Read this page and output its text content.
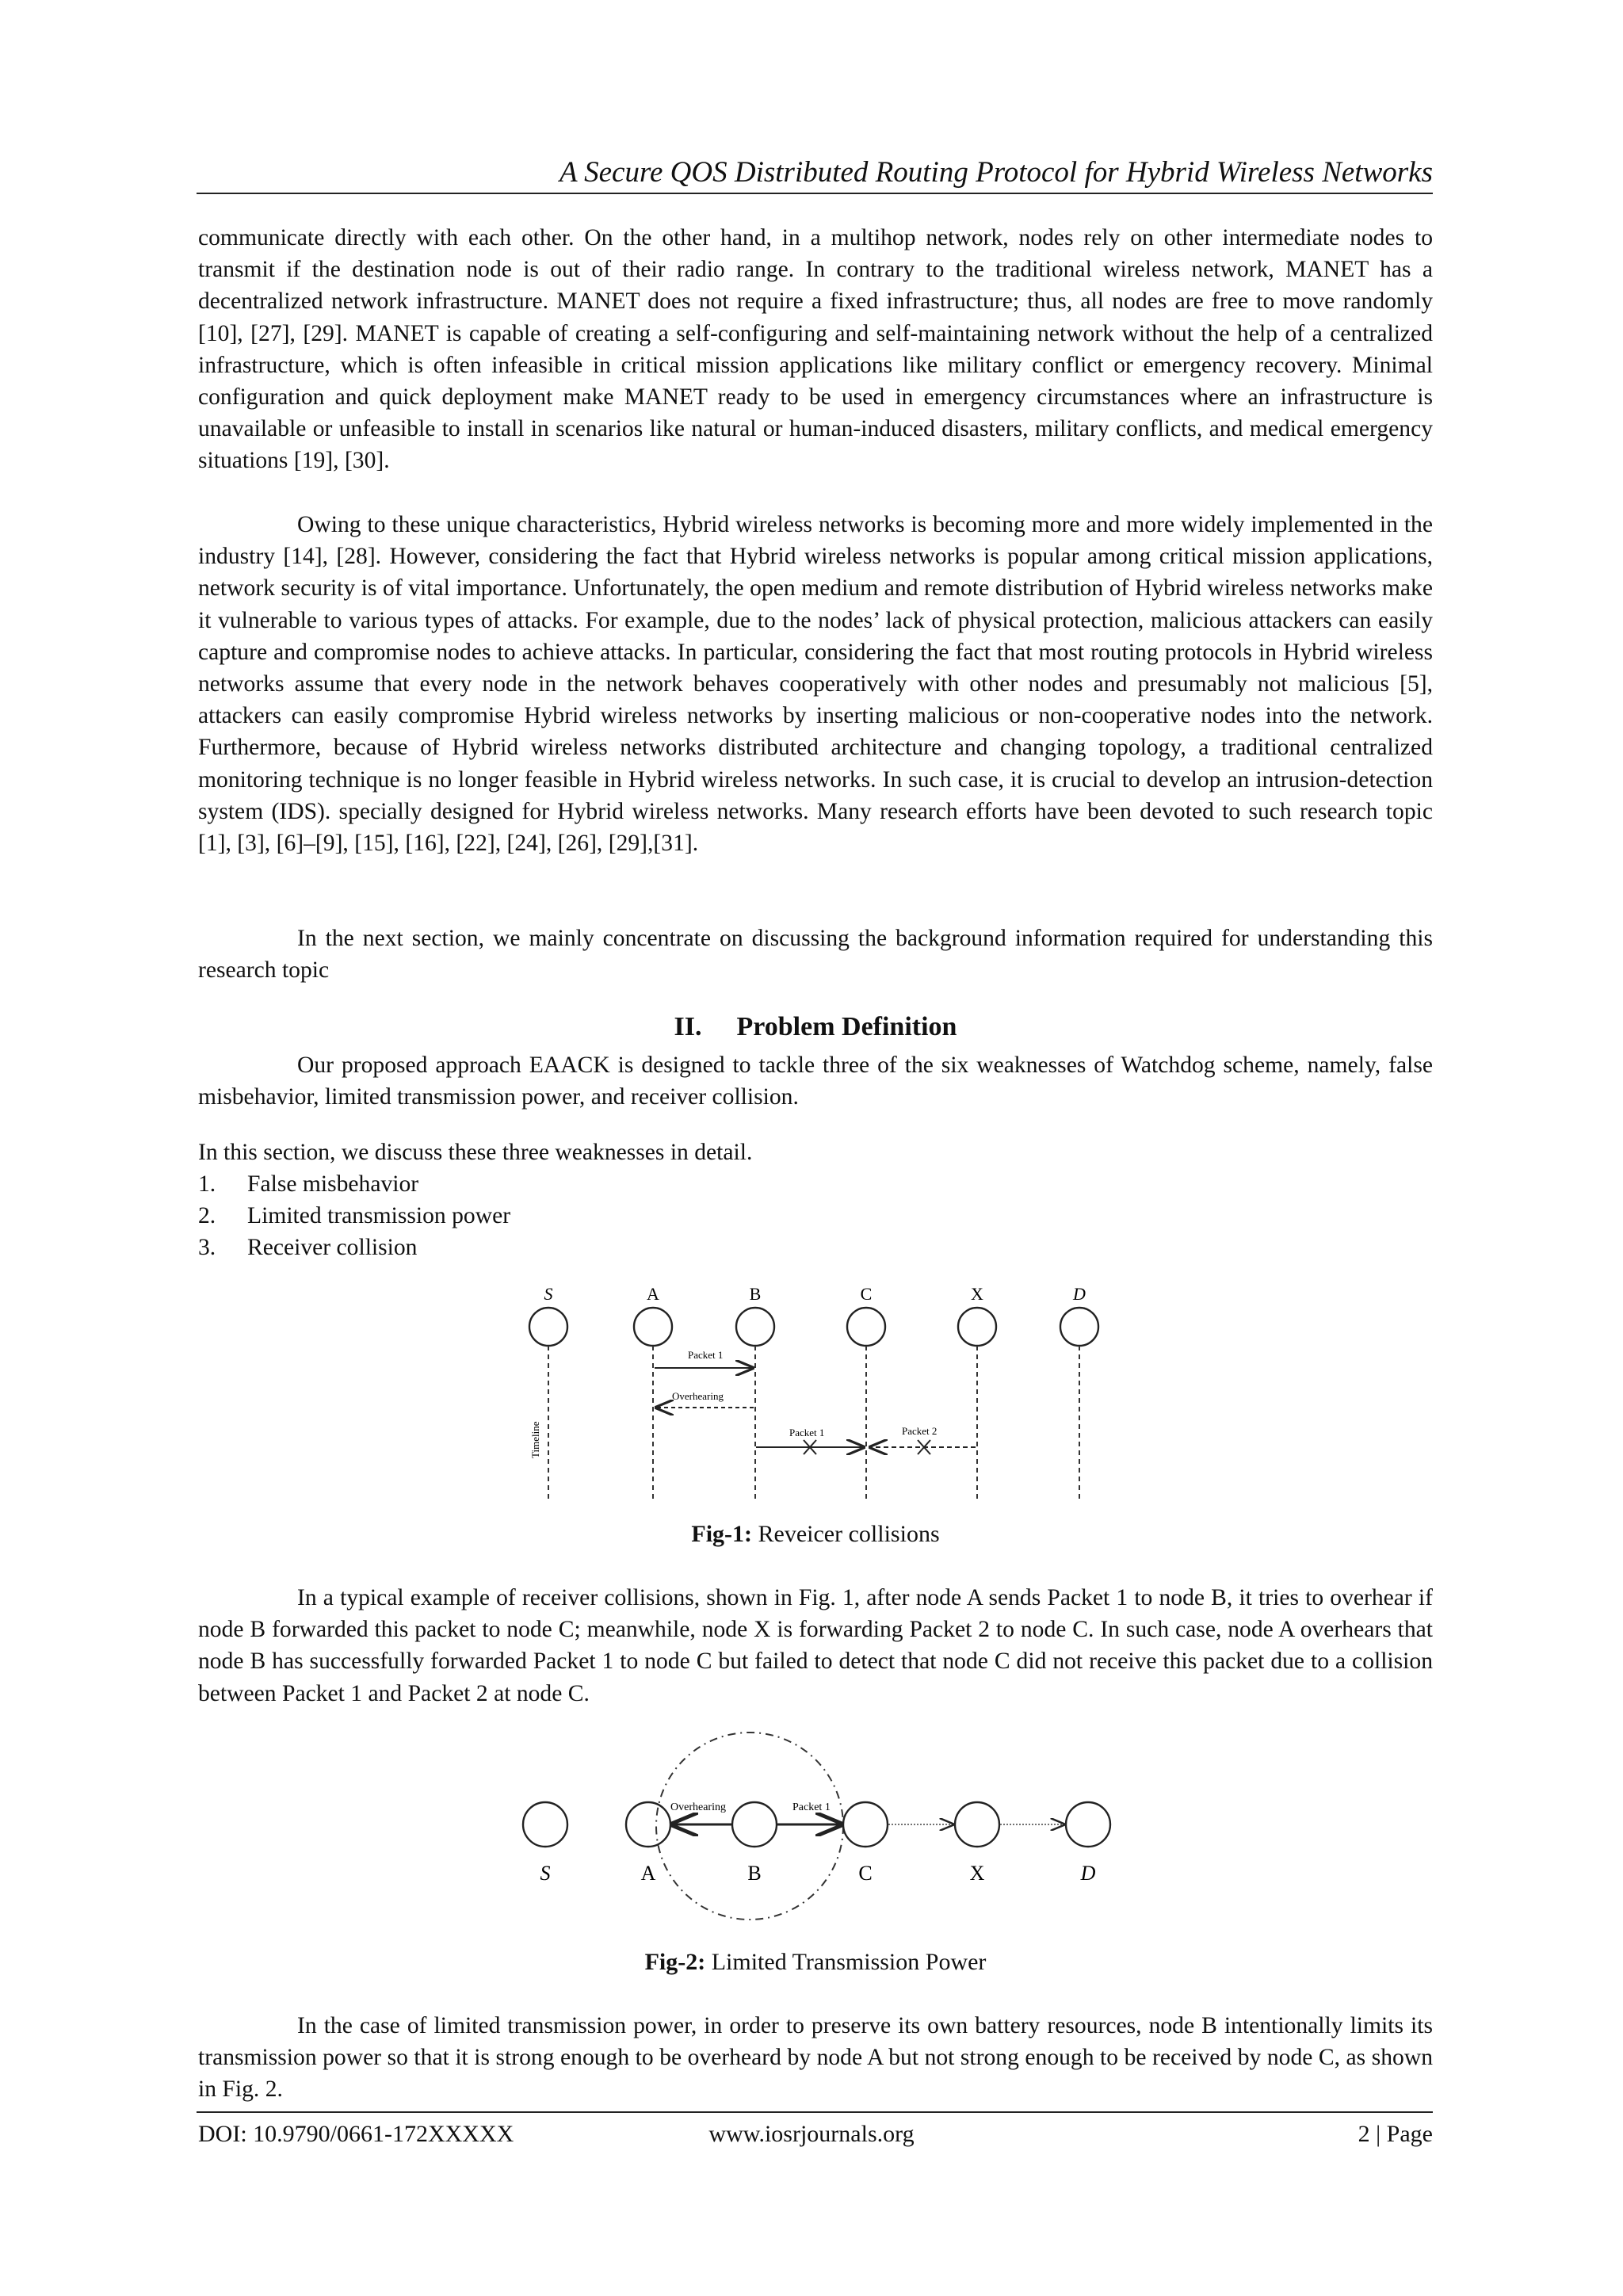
A Secure QOS Distributed Routing Protocol for Hybrid Wireless Networks

communicate directly with each other. On the other hand, in a multihop network, nodes rely on other intermediate nodes to transmit if the destination node is out of their radio range. In contrary to the traditional wireless network, MANET has a decentralized network infrastructure. MANET does not require a fixed infrastructure; thus, all nodes are free to move randomly [10], [27], [29]. MANET is capable of creating a self-configuring and self-maintaining network without the help of a centralized infrastructure, which is often infeasible in critical mission applications like military conflict or emergency recovery. Minimal configuration and quick deployment make MANET ready to be used in emergency circumstances where an infrastructure is unavailable or unfeasible to install in scenarios like natural or human-induced disasters, military conflicts, and medical emergency situations [19], [30].

Owing to these unique characteristics, Hybrid wireless networks is becoming more and more widely implemented in the industry [14], [28]. However, considering the fact that Hybrid wireless networks is popular among critical mission applications, network security is of vital importance. Unfortunately, the open medium and remote distribution of Hybrid wireless networks make it vulnerable to various types of attacks. For example, due to the nodes’ lack of physical protection, malicious attackers can easily capture and compromise nodes to achieve attacks. In particular, considering the fact that most routing protocols in Hybrid wireless networks assume that every node in the network behaves cooperatively with other nodes and presumably not malicious [5], attackers can easily compromise Hybrid wireless networks by inserting malicious or non-cooperative nodes into the network. Furthermore, because of Hybrid wireless networks distributed architecture and changing topology, a traditional centralized monitoring technique is no longer feasible in Hybrid wireless networks. In such case, it is crucial to develop an intrusion-detection system (IDS). specially designed for Hybrid wireless networks. Many research efforts have been devoted to such research topic [1], [3], [6]–[9], [15], [16], [22], [24], [26], [29],[31].

In the next section, we mainly concentrate on discussing the background information required for understanding this research topic

II. Problem Definition

Our proposed approach EAACK is designed to tackle three of the six weaknesses of Watchdog scheme, namely, false misbehavior, limited transmission power, and receiver collision.

In this section, we discuss these three weaknesses in detail.

1. False misbehavior
2. Limited transmission power
3. Receiver collision
S	A	B	C	X	D
Timeline
Packet 1
Overhearing
Packet 1	Packet 2

Fig-1: Reveicer collisions

In a typical example of receiver collisions, shown in Fig. 1, after node A sends Packet 1 to node B, it tries to overhear if node B forwarded this packet to node C; meanwhile, node X is forwarding Packet 2 to node C. In such case, node A overhears that node B has successfully forwarded Packet 1 to node C but failed to detect that node C did not receive this packet due to a collision between Packet 1 and Packet 2 at node C.

Overhearing	Packet 1
S	A	B	C	X	D

Fig-2: Limited Transmission Power

In the case of limited transmission power, in order to preserve its own battery resources, node B intentionally limits its transmission power so that it is strong enough to be overheard by node A but not strong enough to be received by node C, as shown in Fig. 2.

DOI: 10.9790/0661-172XXXXX	www.iosrjournals.org	2 | Page
